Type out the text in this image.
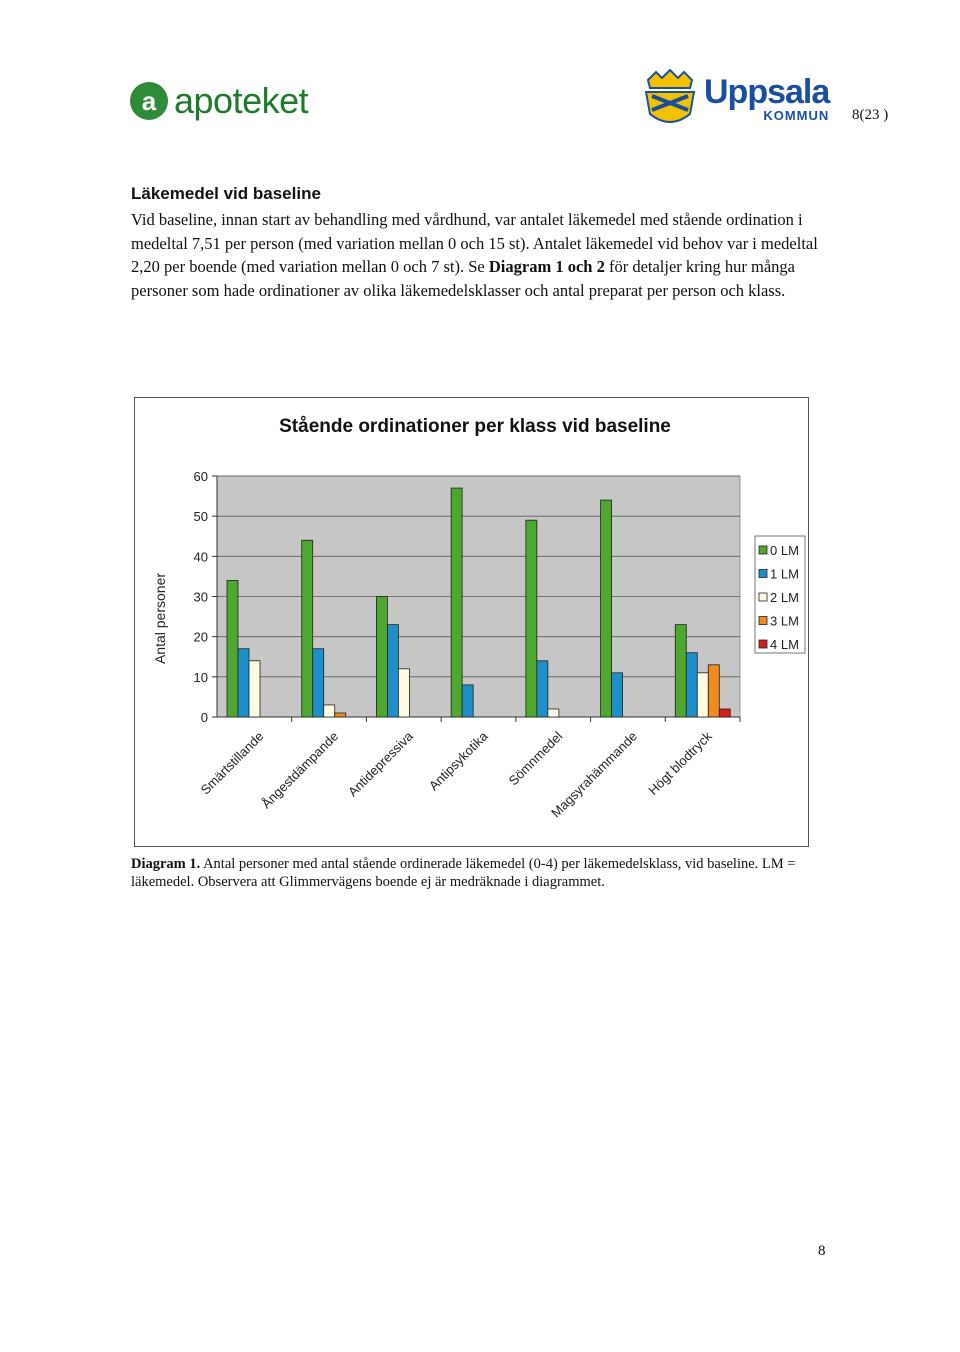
a apoteket	Uppsala
KOMMUN 8(23 )
Läkemedel vid baseline

Vid baseline, innan start av behandling med vårdhund, var antalet läkemedel med stående ordination i medeltal 7,51 per person (med variation mellan 0 och 15 st). Antalet läkemedel vid behov var i medeltal 2,20 per boende (med variation mellan 0 och 7 st). Se Diagram 1 och 2 för detaljer kring hur många personer som hade ordinationer av olika läkemedelsklasser och antal preparat per person och klass.

0
10
20
30
40
50
60
Stående ordinationer per klass vid baseline
Antal personer
Smärtstillande
Ångestdämpande Antidepressiva Antipsykotika Sömnmedel
Magsyrahämmande Högt blodtryck
0 LM
1 LM
2 LM
3 LM
4 LM

Diagram 1. Antal personer med antal stående ordinerade läkemedel (0-4) per läkemedelsklass, vid baseline. LM = läkemedel. Observera att Glimmervägens boende ej är medräknade i diagrammet.

8
